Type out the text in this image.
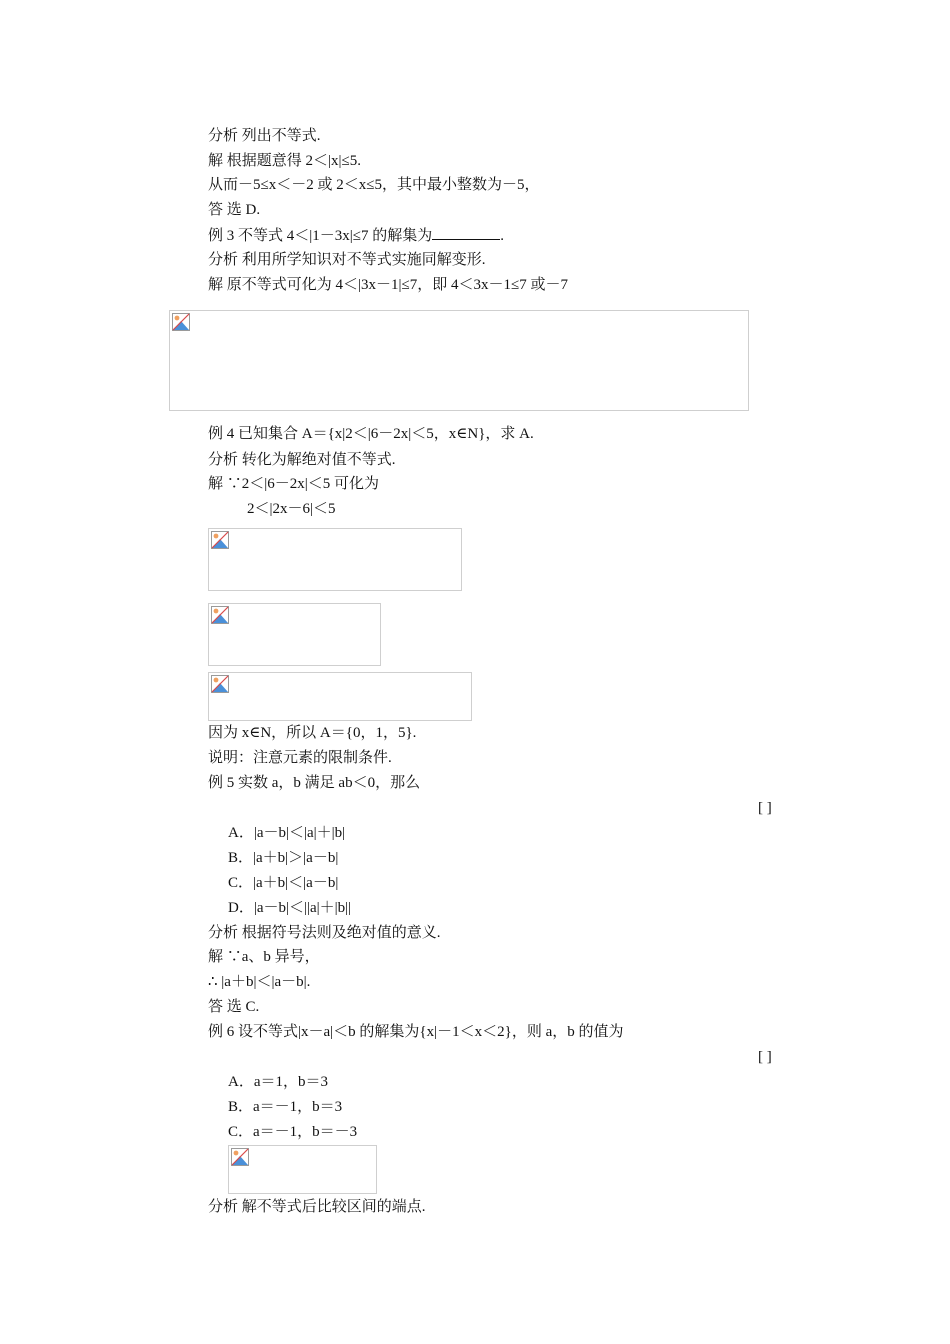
分析 列出不等式.
解 根据题意得 2＜|x|≤5.
从而－5≤x＜－2 或 2＜x≤5，其中最小整数为－5，
答 选 D.
例 3 不等式 4＜|1－3x|≤7 的解集为	.
分析 利用所学知识对不等式实施同解变形.
解 原不等式可化为 4＜|3x－1|≤7，即 4＜3x－1≤7 或－7
例 4 已知集合 A＝{x|2＜|6－2x|＜5，x∈N}，求 A.
分析 转化为解绝对值不等式.
解 ∵2＜|6－2x|＜5 可化为
2＜|2x－6|＜5
因为 x∈N，所以 A＝{0，1，5}.
说明：注意元素的限制条件.
例 5 实数 a，b 满足 ab＜0，那么
[ ]
A．|a－b|＜|a|＋|b|
B．|a＋b|＞|a－b|
C．|a＋b|＜|a－b|
D．|a－b|＜||a|＋|b||
分析 根据符号法则及绝对值的意义.
解 ∵a、b 异号，
∴ |a＋b|＜|a－b|.
答 选 C.
例 6 设不等式|x－a|＜b 的解集为{x|－1＜x＜2}，则 a，b 的值为
[ ]
A．a＝1，b＝3
B．a＝－1，b＝3
C．a＝－1，b＝－3
分析 解不等式后比较区间的端点.
